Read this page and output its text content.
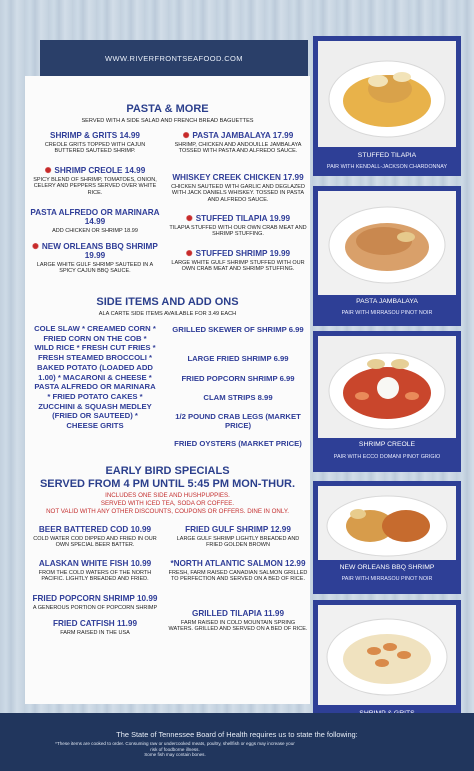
WWW.RIVERFRONTSEAFOOD.COM
PASTA & MORE
SERVED WITH A SIDE SALAD AND FRENCH BREAD BAGUETTES
SHRIMP & GRITS 14.99
CREOLE GRITS TOPPED WITH CAJUN BUTTERED SAUTEED SHRIMP.
✺ PASTA JAMBALAYA 17.99
SHRIMP, CHICKEN AND ANDOUILLE JAMBALAYA TOSSED WITH PASTA AND ALFREDO SAUCE.
✺ SHRIMP CREOLE 14.99
SPICY BLEND OF SHRIMP, TOMATOES, ONION, CELERY AND PEPPERS SERVED OVER WHITE RICE.
WHISKEY CREEK CHICKEN 17.99
CHICKEN SAUTEED WITH GARLIC AND DEGLAZED WITH JACK DANIELS WHISKEY. TOSSED IN PASTA AND ALFREDO SAUCE.
PASTA ALFREDO OR MARINARA 14.99
ADD CHICKEN OR SHRIMP 18.99
✺ STUFFED TILAPIA 19.99
TILAPIA STUFFED WITH OUR OWN CRAB MEAT AND SHRIMP STUFFING.
✺ NEW ORLEANS BBQ SHRIMP 19.99
LARGE WHITE GULF SHRIMP SAUTEED IN A SPICY CAJUN BBQ SAUCE.
✺ STUFFED SHRIMP 19.99
LARGE WHITE GULF SHRIMP STUFFED WITH OUR OWN CRAB MEAT AND SHRIMP STUFFING.
SIDE ITEMS AND ADD ONS
ALA CARTE SIDE ITEMS AVAILABLE FOR 3.49 EACH
COLE SLAW * CREAMED CORN *
FRIED CORN ON THE COB *
WILD RICE * FRESH CUT FRIES *
FRESH STEAMED BROCCOLI *
BAKED POTATO (LOADED ADD
1.00) * MACARONI & CHEESE *
PASTA ALFREDO OR MARINARA
* FRIED POTATO CAKES *
ZUCCHINI & SQUASH MEDLEY
(FRIED OR SAUTEED) *
CHEESE GRITS
GRILLED SKEWER OF SHRIMP 6.99
LARGE FRIED SHRIMP 6.99
FRIED POPCORN SHRIMP 6.99
CLAM STRIPS 8.99
1/2 POUND CRAB LEGS (MARKET PRICE)
FRIED OYSTERS (MARKET PRICE)
EARLY BIRD SPECIALS
SERVED FROM 4 PM UNTIL 5:45 PM MON-THUR.
INCLUDES ONE SIDE AND HUSHPUPPIES.
SERVED WITH ICED TEA, SODA OR COFFEE.
NOT VALID WITH ANY OTHER DISCOUNTS, COUPONS OR OFFERS. DINE IN ONLY.
BEER BATTERED COD 10.99
COLD WATER COD DIPPED AND FRIED IN OUR OWN SPECIAL BEER BATTER.
FRIED GULF SHRIMP 12.99
LARGE GULF SHRIMP LIGHTLY BREADED AND FRIED GOLDEN BROWN
ALASKAN WHITE FISH 10.99
FROM THE COLD WATERS OF THE NORTH PACIFIC. LIGHTLY BREADED AND FRIED.
*NORTH ATLANTIC SALMON 12.99
FRESH, FARM RAISED CANADIAN SALMON GRILLED TO PERFECTION AND SERVED ON A BED OF RICE.
FRIED POPCORN SHRIMP 10.99
A GENEROUS PORTION OF POPCORN SHRIMP
GRILLED TILAPIA 11.99
FARM RAISED IN COLD MOUNTAIN SPRING WATERS. GRILLED AND SERVED ON A BED OF RICE.
FRIED CATFISH 11.99
FARM RAISED IN THE USA
STUFFED TILAPIA
PAIR WITH KENDALL-JACKSON CHARDONNAY
PASTA JAMBALAYA
PAIR WITH MIRRASOU PINOT NOIR
SHRIMP CREOLE
PAIR WITH ECCO DOMANI PINOT GRIGIO
NEW ORLEANS BBQ SHRIMP
PAIR WITH MIRRASOU PINOT NOIR
The State of Tennessee Board of Health requires us to state the following:
*These items are cooked to order. Consuming raw or undercooked meats, poultry, shellfish or eggs may increase your
risk of foodborne illness.
Some fish may contain bones.
